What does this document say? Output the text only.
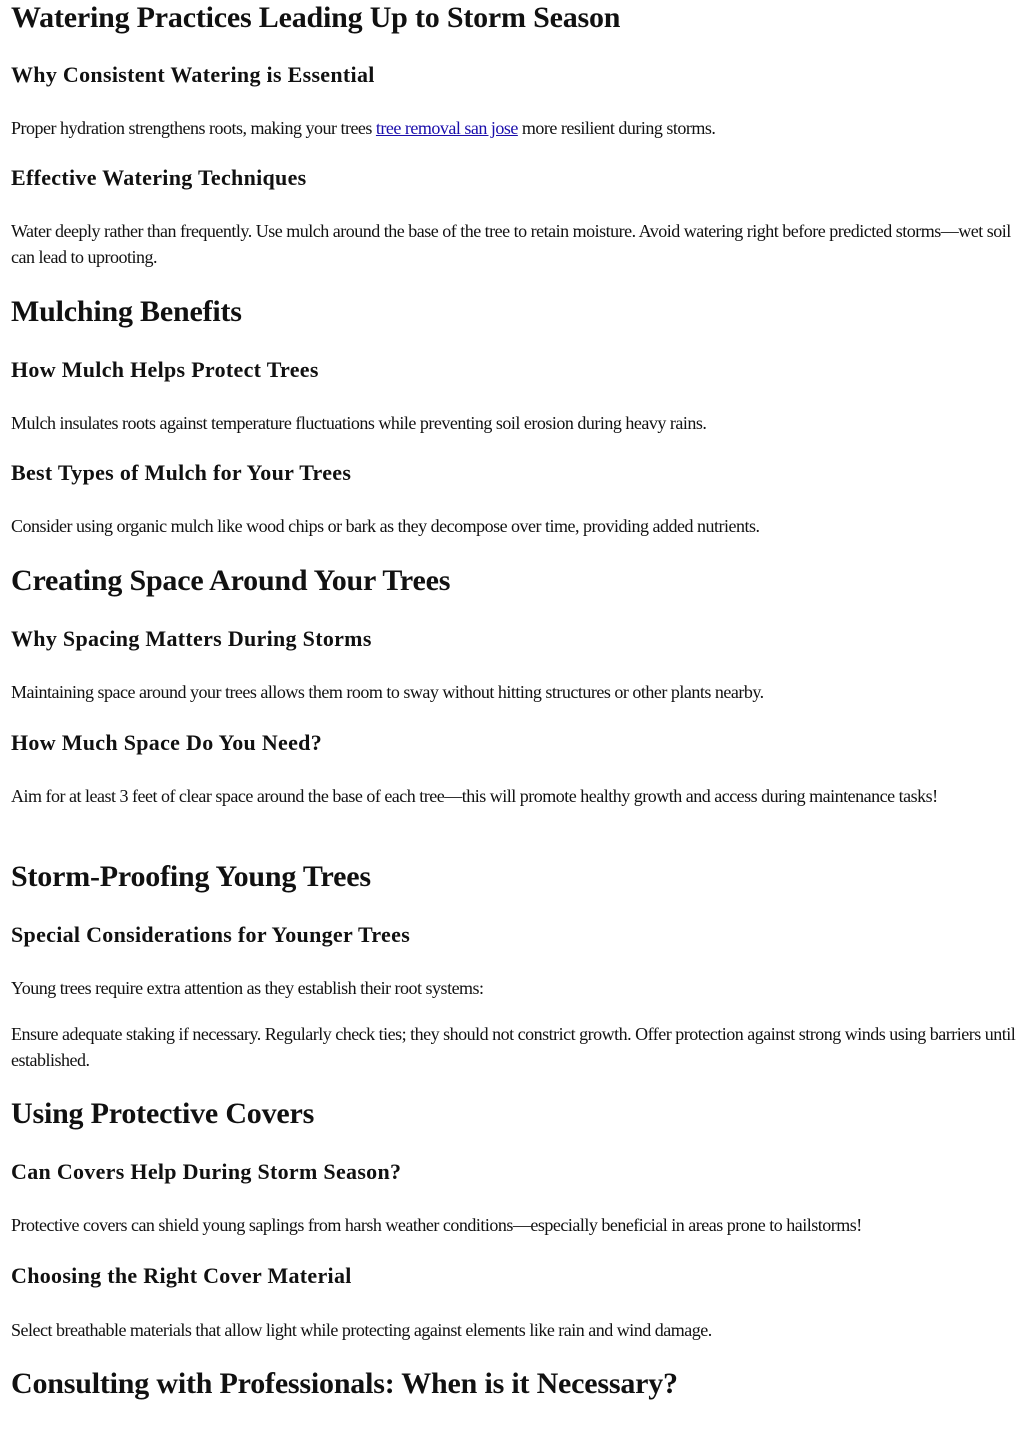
Watering Practices Leading Up to Storm Season
Why Consistent Watering is Essential

Proper hydration strengthens roots, making your trees tree removal san jose more resilient during storms.

Effective Watering Techniques

Water deeply rather than frequently. Use mulch around the base of the tree to retain moisture. Avoid watering right before predicted storms—wet soil can lead to uprooting.

Mulching Benefits
How Mulch Helps Protect Trees

Mulch insulates roots against temperature fluctuations while preventing soil erosion during heavy rains.

Best Types of Mulch for Your Trees

Consider using organic mulch like wood chips or bark as they decompose over time, providing added nutrients.

Creating Space Around Your Trees
Why Spacing Matters During Storms

Maintaining space around your trees allows them room to sway without hitting structures or other plants nearby.

How Much Space Do You Need?

Aim for at least 3 feet of clear space around the base of each tree—this will promote healthy growth and access during maintenance tasks!

Storm-Proofing Young Trees
Special Considerations for Younger Trees

Young trees require extra attention as they establish their root systems:

Ensure adequate staking if necessary. Regularly check ties; they should not constrict growth. Offer protection against strong winds using barriers until established.

Using Protective Covers
Can Covers Help During Storm Season?

Protective covers can shield young saplings from harsh weather conditions—especially beneficial in areas prone to hailstorms!

Choosing the Right Cover Material

Select breathable materials that allow light while protecting against elements like rain and wind damage.

Consulting with Professionals: When is it Necessary?
